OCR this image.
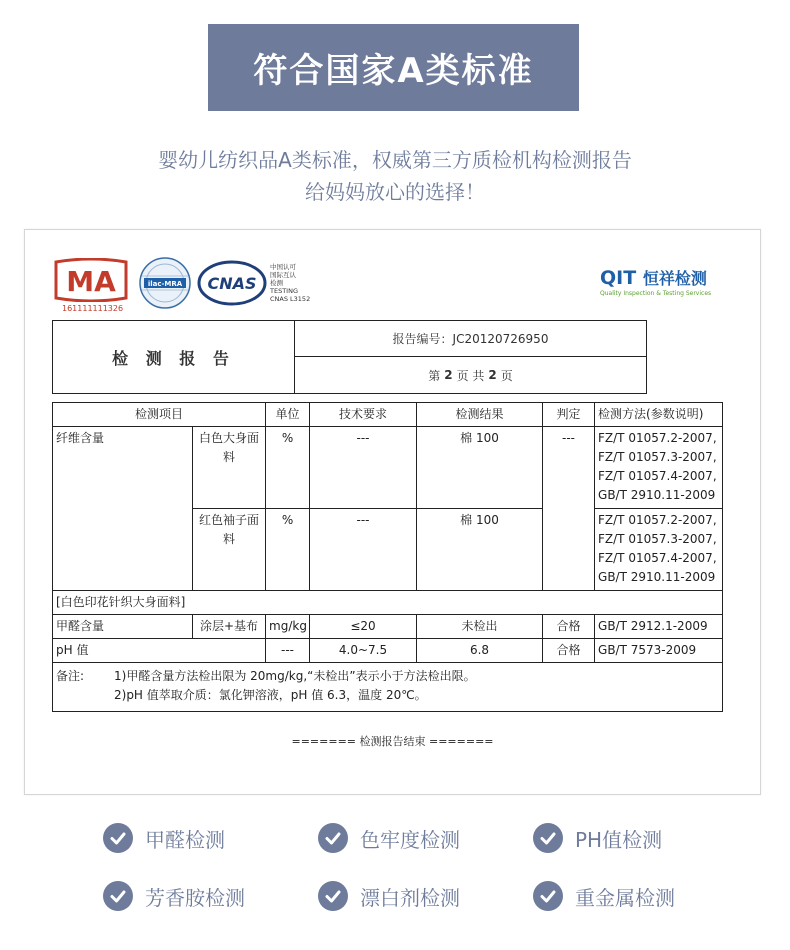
符合国家A类标准
婴幼儿纺织品A类标准，权威第三方质检机构检测报告
给妈妈放心的选择！
MA
161111111326
ilac-MRA CNAS
中国认可
国际互认
检测
TESTING
CNAS L3152
QIT 恒祥检测
Quality Inspection & Testing Services
检 测 报 告
报告编号：JC20120726950
第 2 页 共 2 页
检测项目		单位	技术要求	检测结果	判定	检测方法(参数说明)
纤维含量	白色大身面料	%	---	棉 100	---	FZ/T 01057.2-2007,
FZ/T 01057.3-2007,
FZ/T 01057.4-2007,
GB/T 2910.11-2009

	红色袖子面料	%	---	棉 100		FZ/T 01057.2-2007,
FZ/T 01057.3-2007,
FZ/T 01057.4-2007,
GB/T 2910.11-2009

[白色印花针织大身面料]						
甲醛含量	涂层+基布	mg/kg	≤20	未检出	合格	GB/T 2912.1-2009
pH 值		---	4.0~7.5	6.8	合格	GB/T 7573-2009

备注: 1)甲醛含量方法检出限为 20mg/kg,“未检出”表示小于方法检出限。
2)pH 值萃取介质：氯化钾溶液，pH 值 6.3，温度 20℃。						
======= 检测报告结束 =======
甲醛检测	色牢度检测	PH值检测
芳香胺检测	漂白剂检测	重金属检测
